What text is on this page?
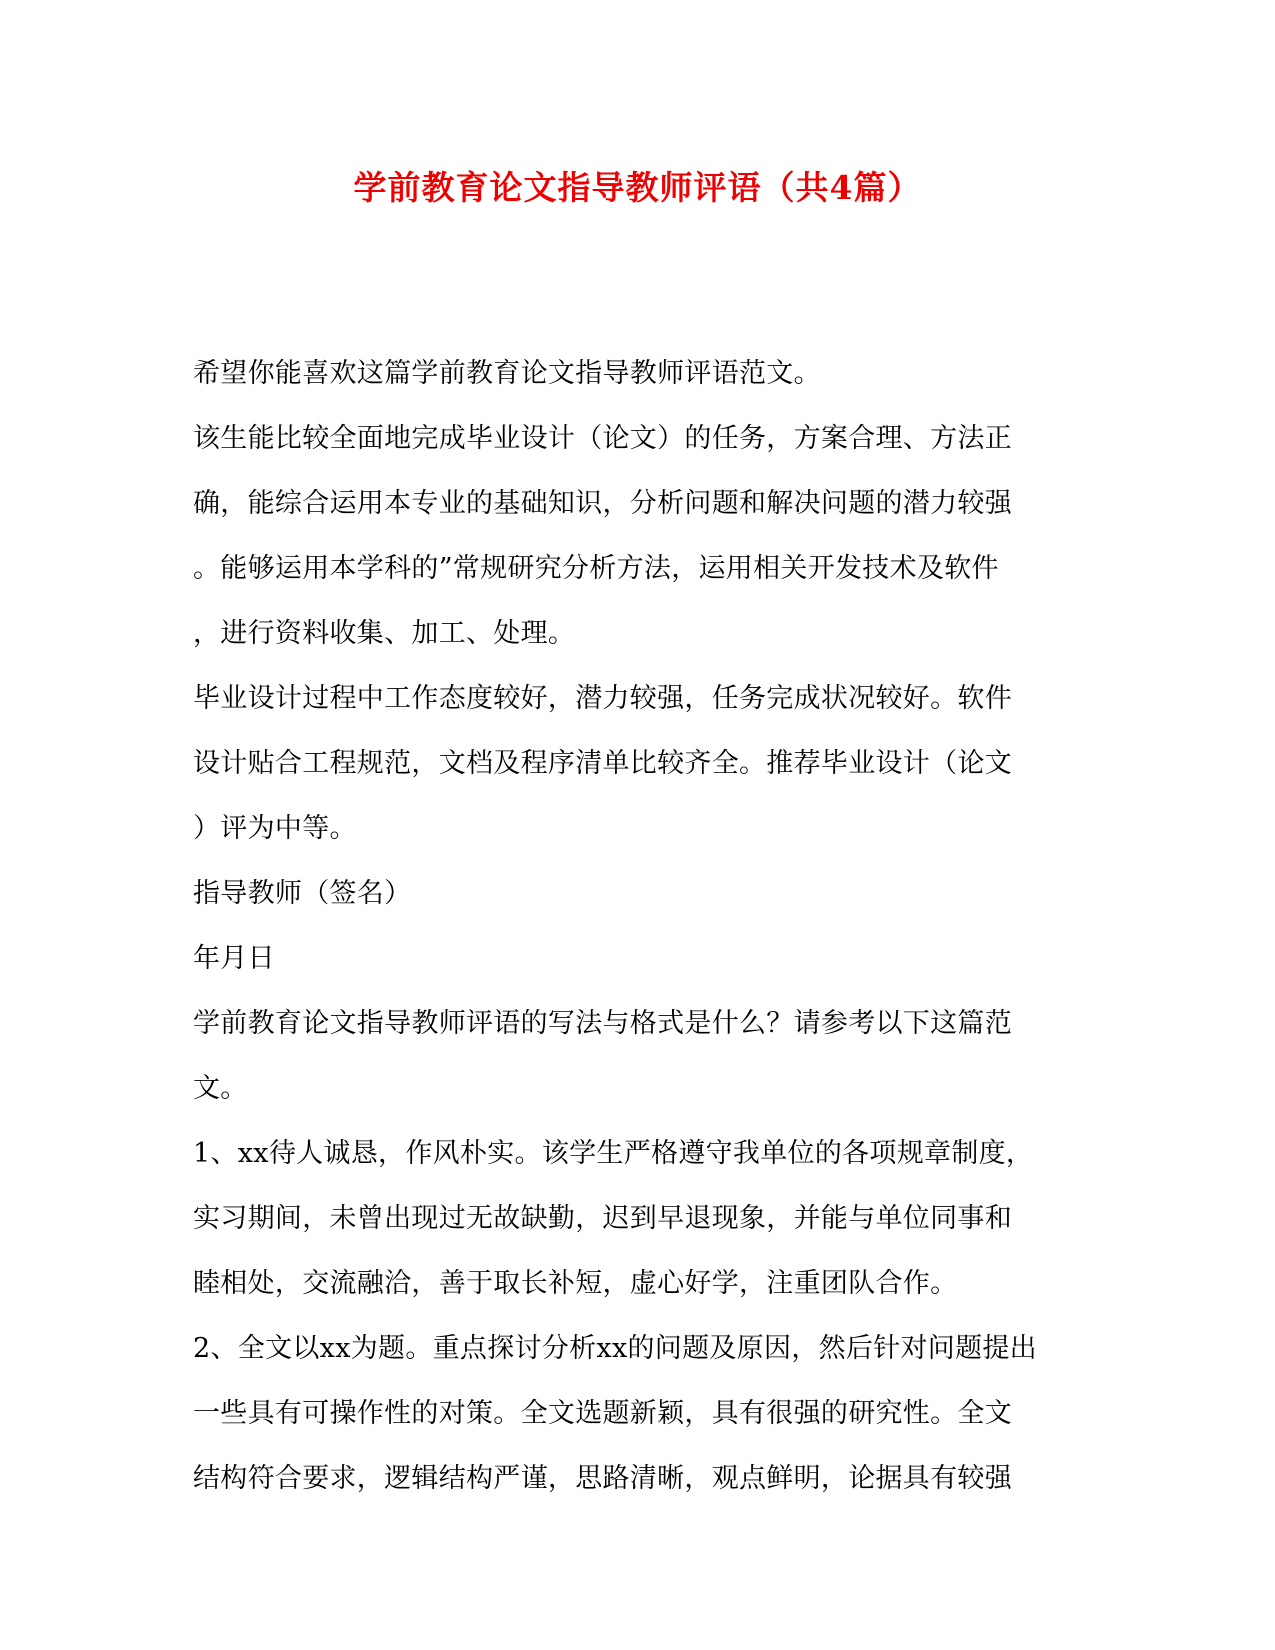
学前教育论文指导教师评语（共4篇）
希望你能喜欢这篇学前教育论文指导教师评语范文。
该生能比较全面地完成毕业设计（论文）的任务，方案合理、方法正
确，能综合运用本专业的基础知识，分析问题和解决问题的潜力较强
。能够运用本学科的”常规研究分析方法，运用相关开发技术及软件
，进行资料收集、加工、处理。
毕业设计过程中工作态度较好，潜力较强，任务完成状况较好。软件
设计贴合工程规范，文档及程序清单比较齐全。推荐毕业设计（论文
）评为中等。
指导教师（签名）
年月日
学前教育论文指导教师评语的写法与格式是什么？请参考以下这篇范
文。
1、xx待人诚恳，作风朴实。该学生严格遵守我单位的各项规章制度，
实习期间，未曾出现过无故缺勤，迟到早退现象，并能与单位同事和
睦相处，交流融洽，善于取长补短，虚心好学，注重团队合作。
2、全文以xx为题。重点探讨分析xx的问题及原因，然后针对问题提出
一些具有可操作性的对策。全文选题新颖，具有很强的研究性。全文
结构符合要求，逻辑结构严谨，思路清晰，观点鲜明，论据具有较强
